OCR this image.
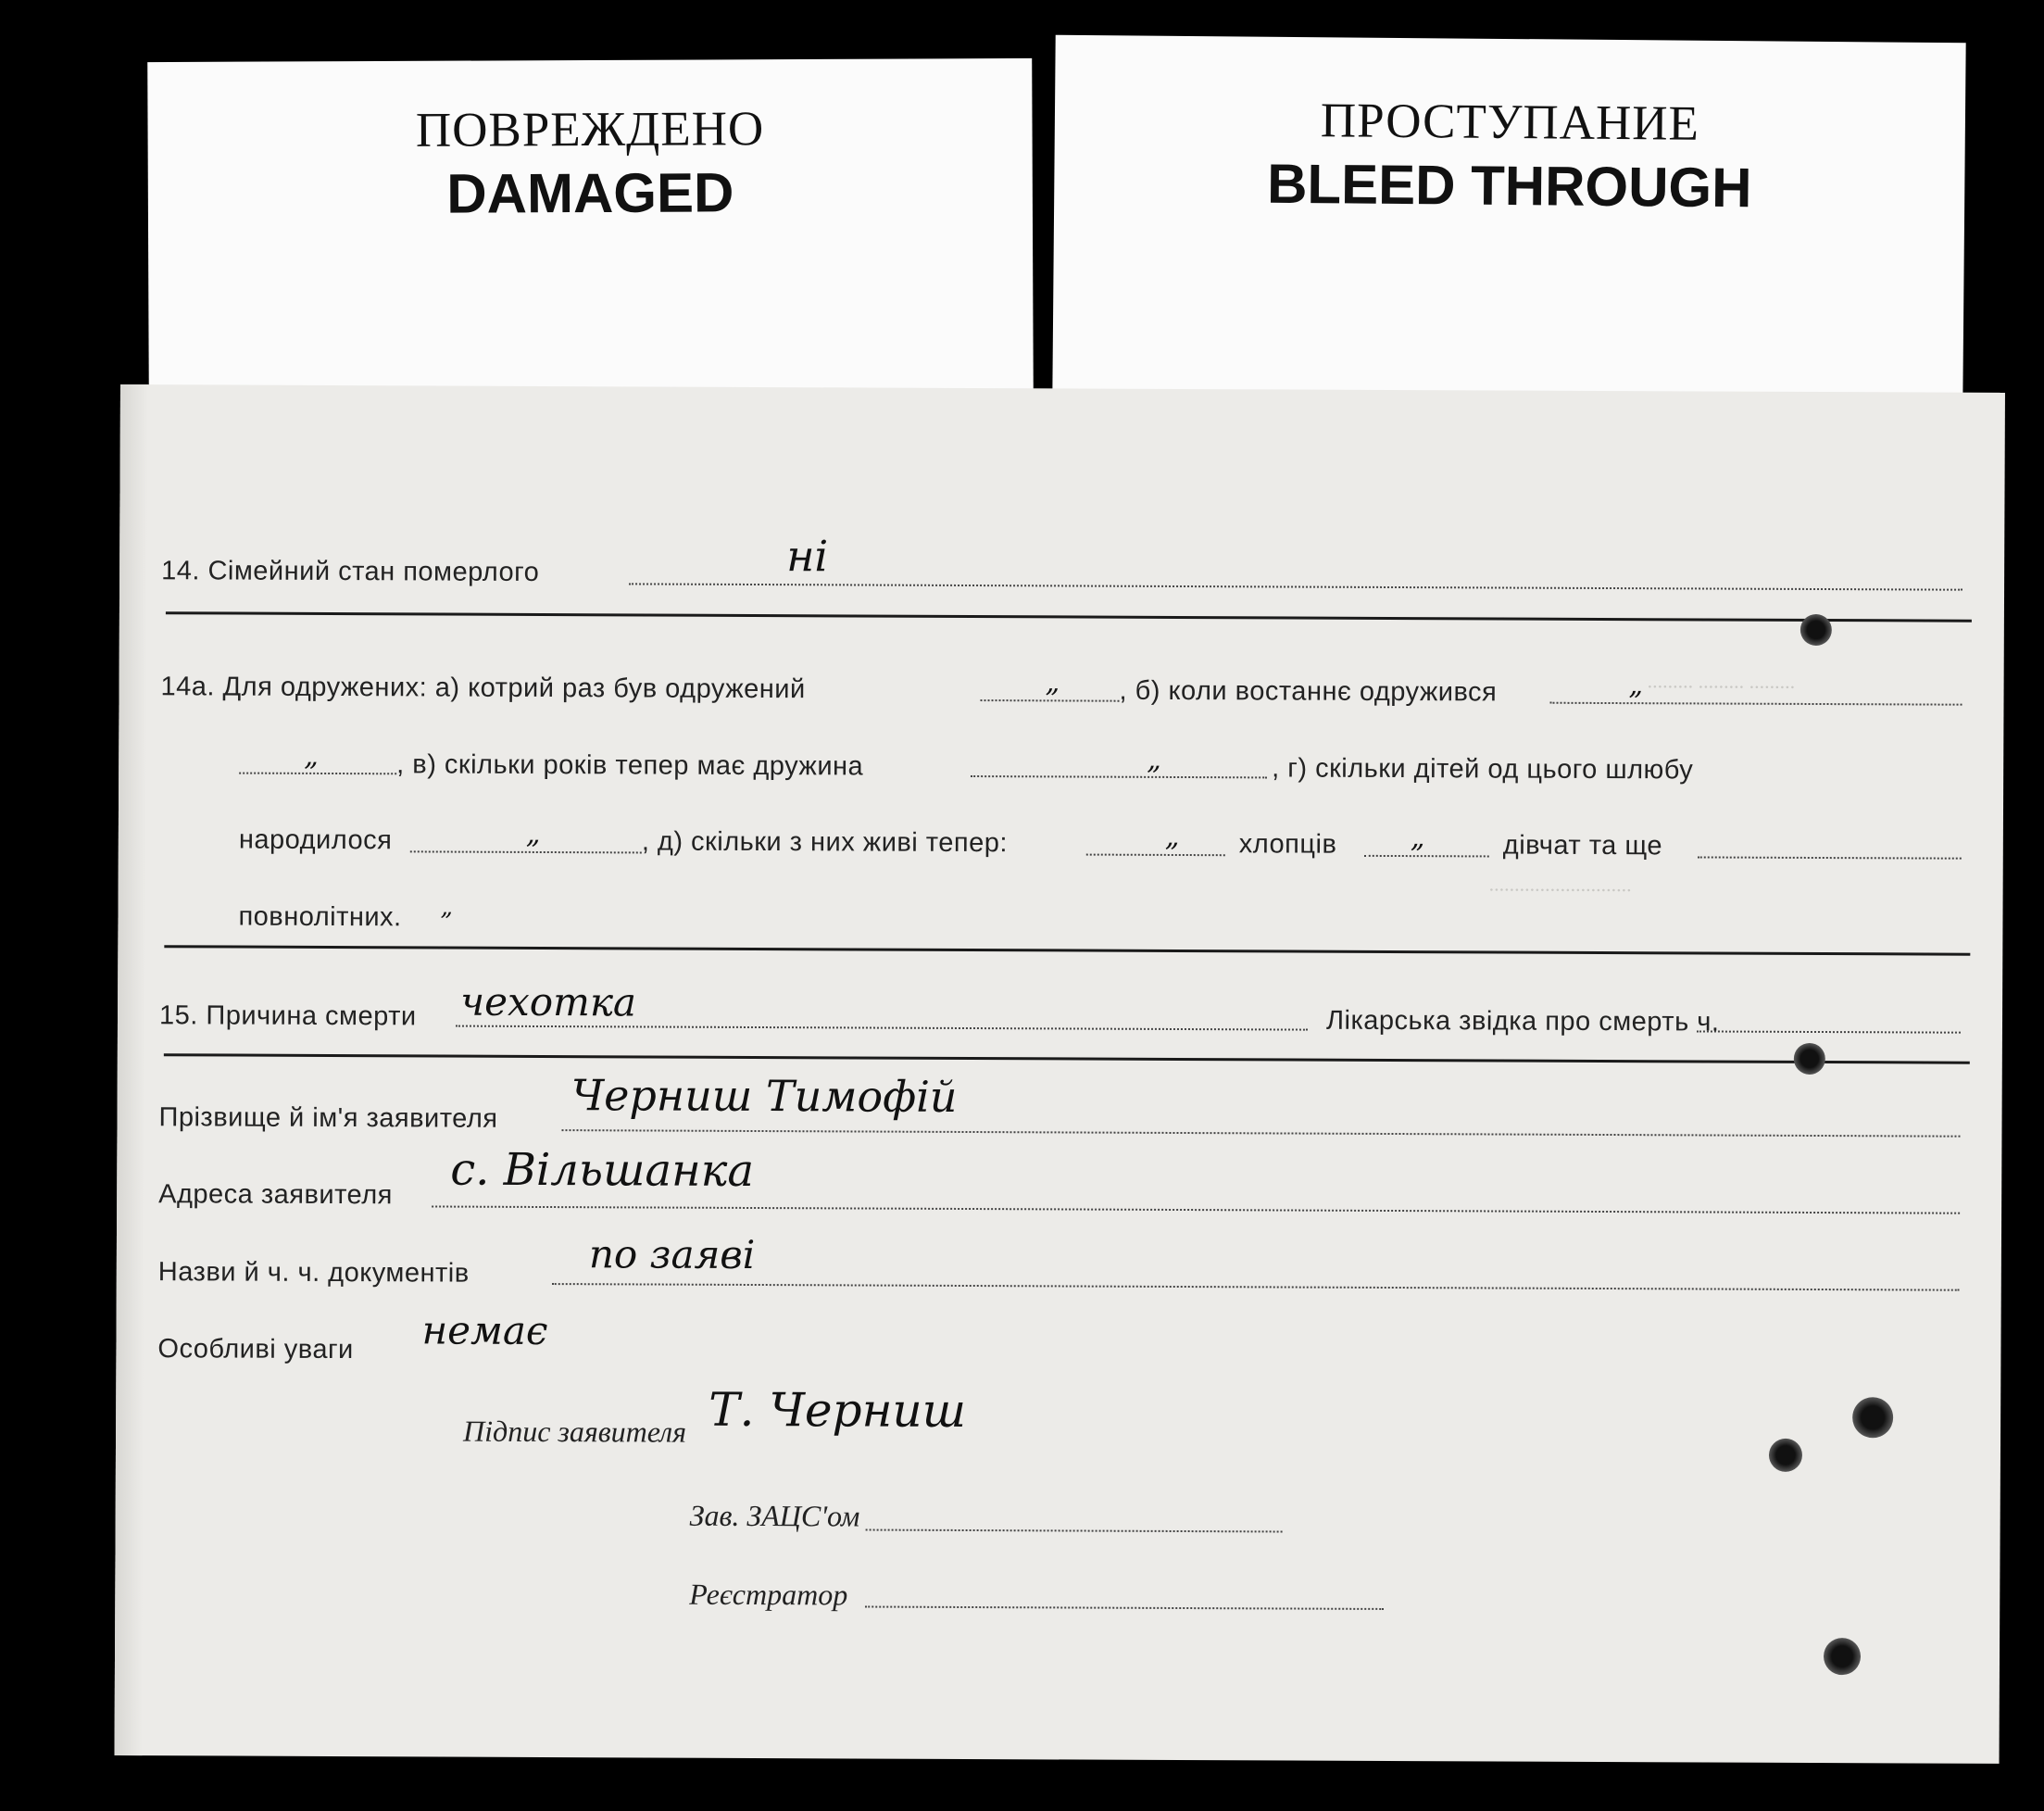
ПОВРЕЖДЕНО
DAMAGED
ПРОСТУПАНИЕ
BLEED THROUGH
......... ......... .........
............................
14. Сімейний стан померлого	ні
14а. Для одружених: а) котрий раз був одружений	„ , б) коли востаннє одружився	„
„	, в) скільки років тепер має дружина	„	, г) скільки дітей од цього шлюбу
народилося	„	, д) скільки з них живі тепер:	„ хлопців	„	дівчат та ще
повнолітних. „
15. Причина смерти чехотка	Лікарська звідка про смерть ч.
Прізвище й ім'я заявителя Черниш Тимофій
Адреса заявителя с. Вільшанка
Назви й ч. ч. документів	по заяві
Особливі уваги немає
Підпис заявителя Т. Черниш
Зав. ЗАЦС'ом
Реєстратор
